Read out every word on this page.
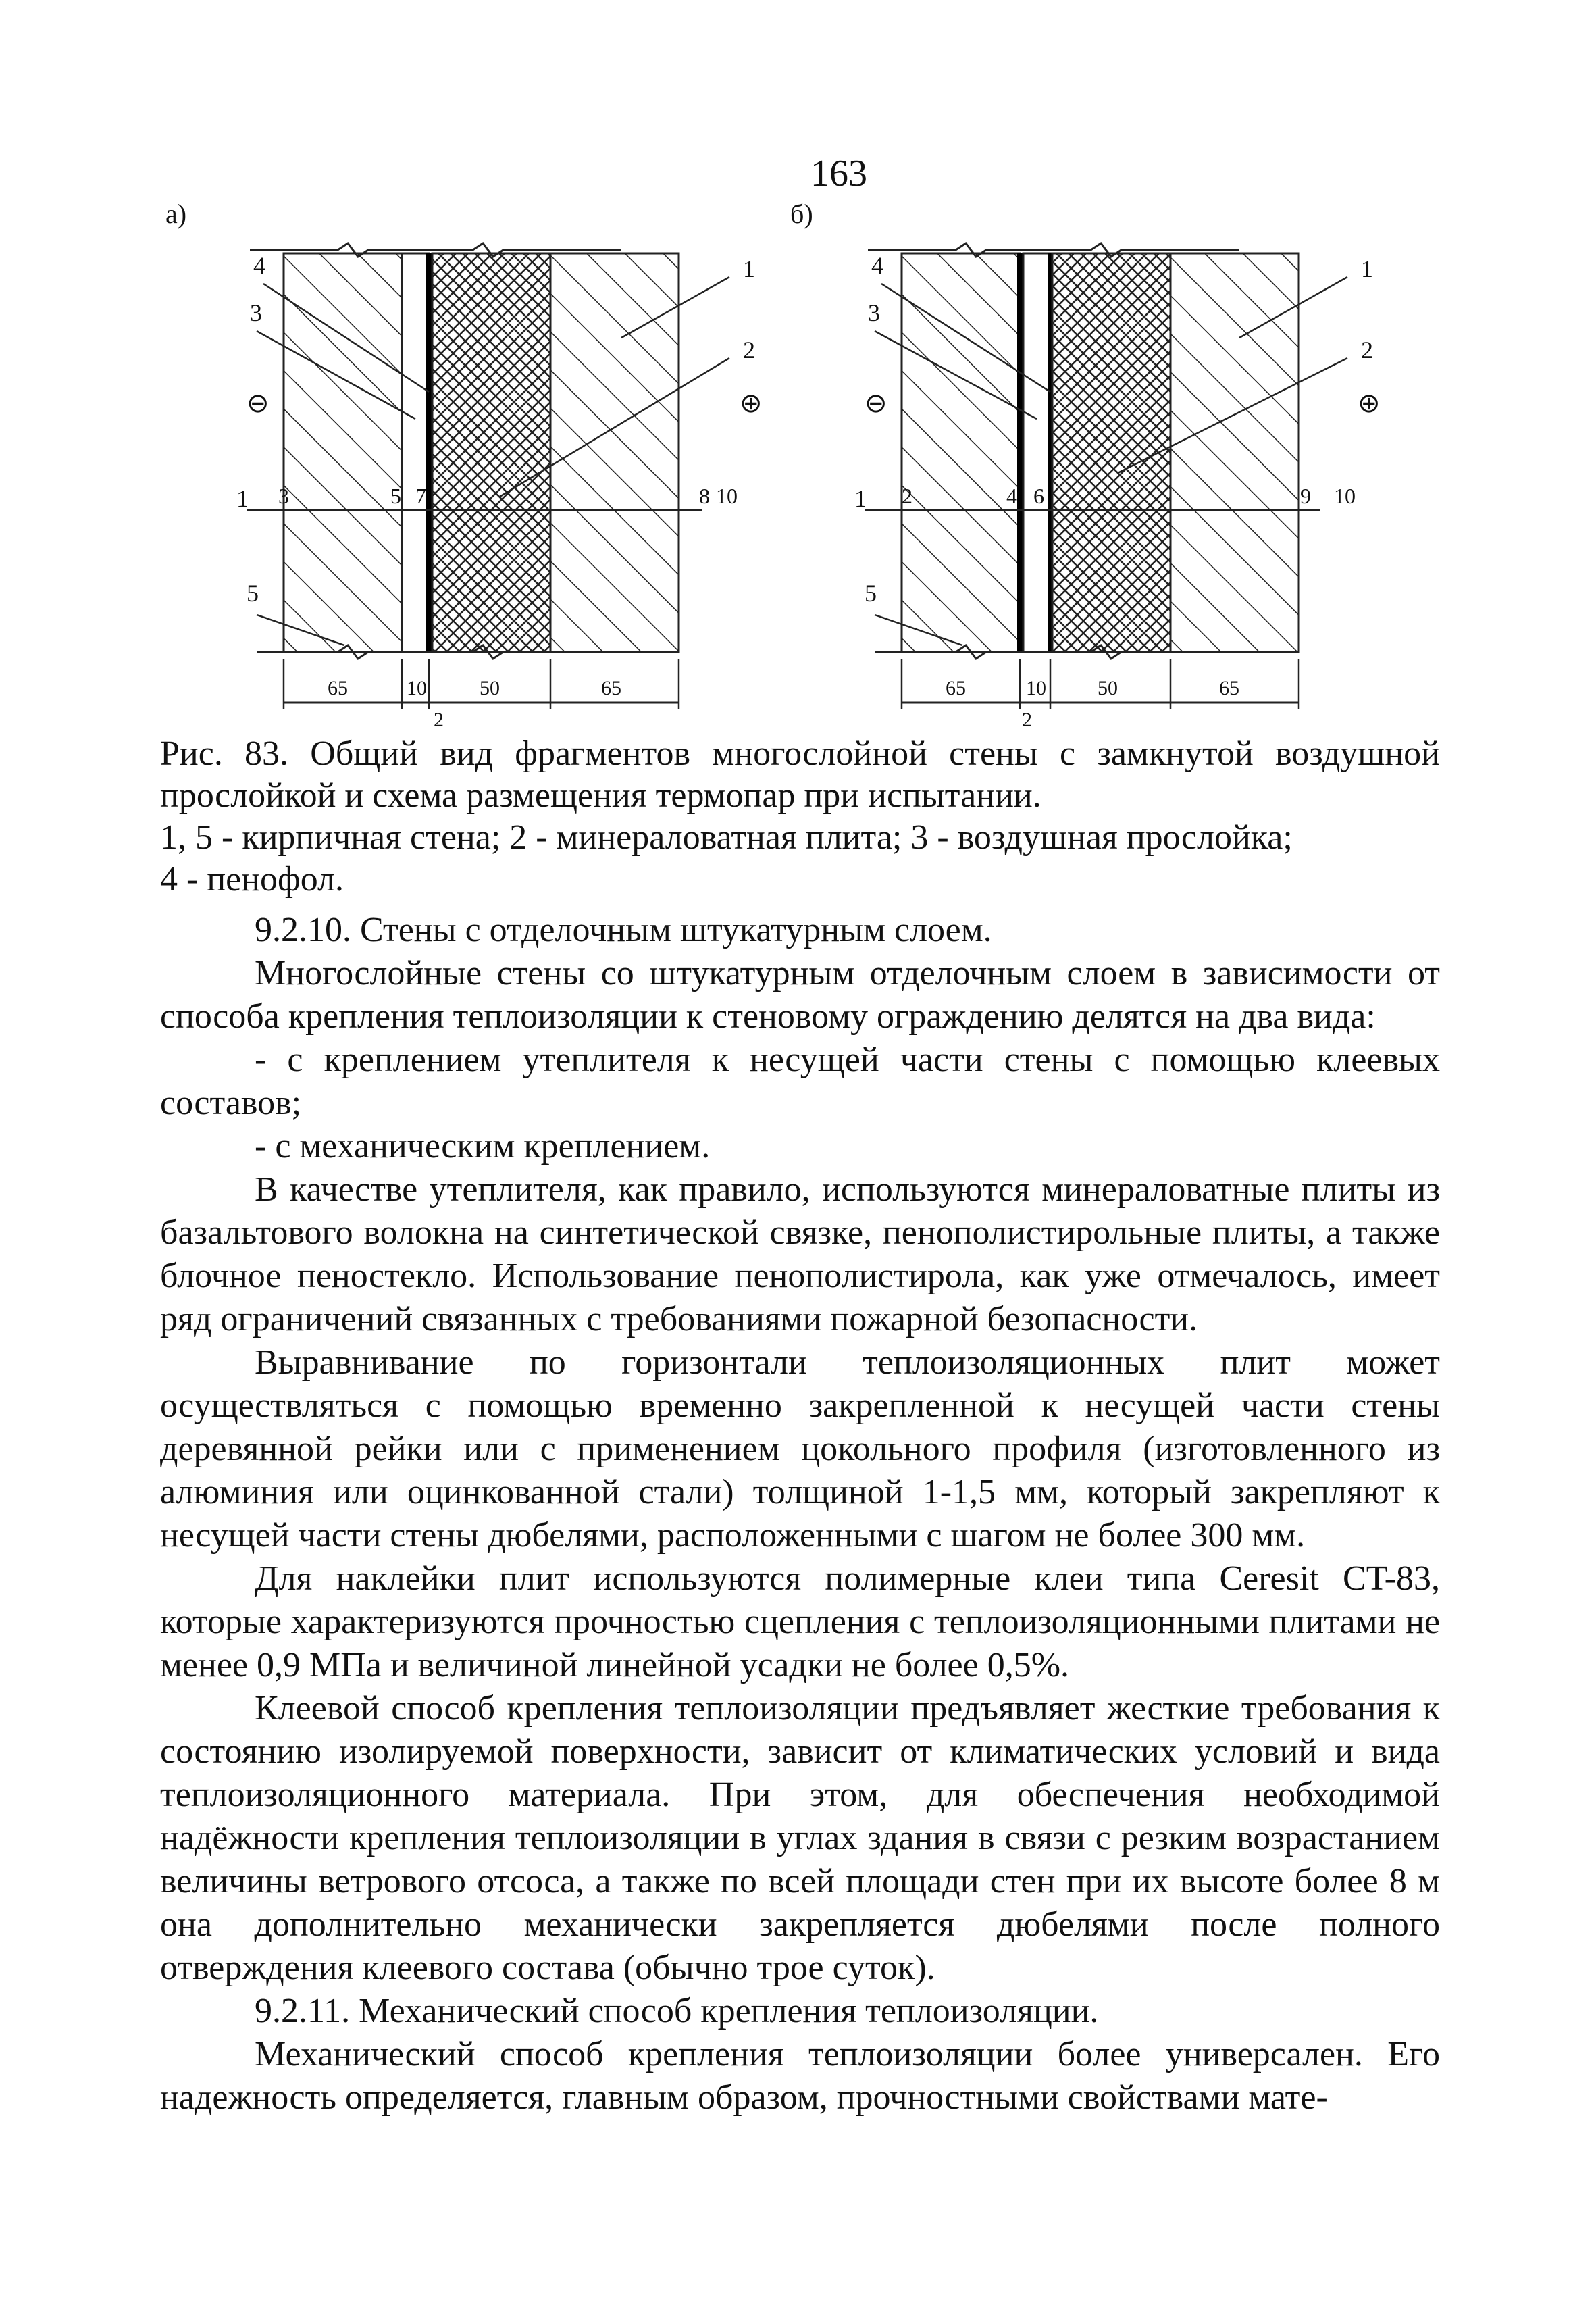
163
а)
4
3
⊖
1
5
1
2
⊕
10
3	5 7	8
65	10	50	65
2
б)
4
3
⊖
1
5
1
2
⊕
10
2	4 6	9
65	10	50	65
2

Рис. 83. Общий вид фрагментов многослойной стены с замкнутой воздушной прослойкой и схема размещения термопар при испытании.

1, 5 - кирпичная стена; 2 - минераловатная плита; 3 - воздушная прослойка;

4 - пенофол.

9.2.10. Стены с отделочным штукатурным слоем.

Многослойные стены со штукатурным отделочным слоем в зависимости от способа крепления теплоизоляции к стеновому ограждению делятся на два вида:

- с креплением утеплителя к несущей части стены с помощью клеевых составов;

- с механическим креплением.

В качестве утеплителя, как правило, используются минераловатные плиты из базальтового волокна на синтетической связке, пенополистирольные плиты, а также блочное пеностекло. Использование пенополистирола, как уже отмечалось, имеет ряд ограничений связанных с требованиями пожарной безопасности.

Выравнивание по горизонтали теплоизоляционных плит может осуществляться с помощью временно закрепленной к несущей части стены деревянной рейки или с применением цокольного профиля (изготовленного из алюминия или оцинкованной стали) толщиной 1-1,5 мм, который закрепляют к несущей части стены дюбелями, расположенными с шагом не более 300 мм.

Для наклейки плит используются полимерные клеи типа Ceresit CT-83, которые характеризуются прочностью сцепления с теплоизоляционными плитами не менее 0,9 МПа и величиной линейной усадки не более 0,5%.

Клеевой способ крепления теплоизоляции предъявляет жесткие требования к состоянию изолируемой поверхности, зависит от климатических условий и вида теплоизоляционного материала. При этом, для обеспечения необходимой надёжности крепления теплоизоляции в углах здания в связи с резким возрастанием величины ветрового отсоса, а также по всей площади стен при их высоте более 8 м она дополнительно механически закрепляется дюбелями после полного отверждения клеевого состава (обычно трое суток).

9.2.11. Механический способ крепления теплоизоляции.

Механический способ крепления теплоизоляции более универсален. Его надежность определяется, главным образом, прочностными свойствами мате-
